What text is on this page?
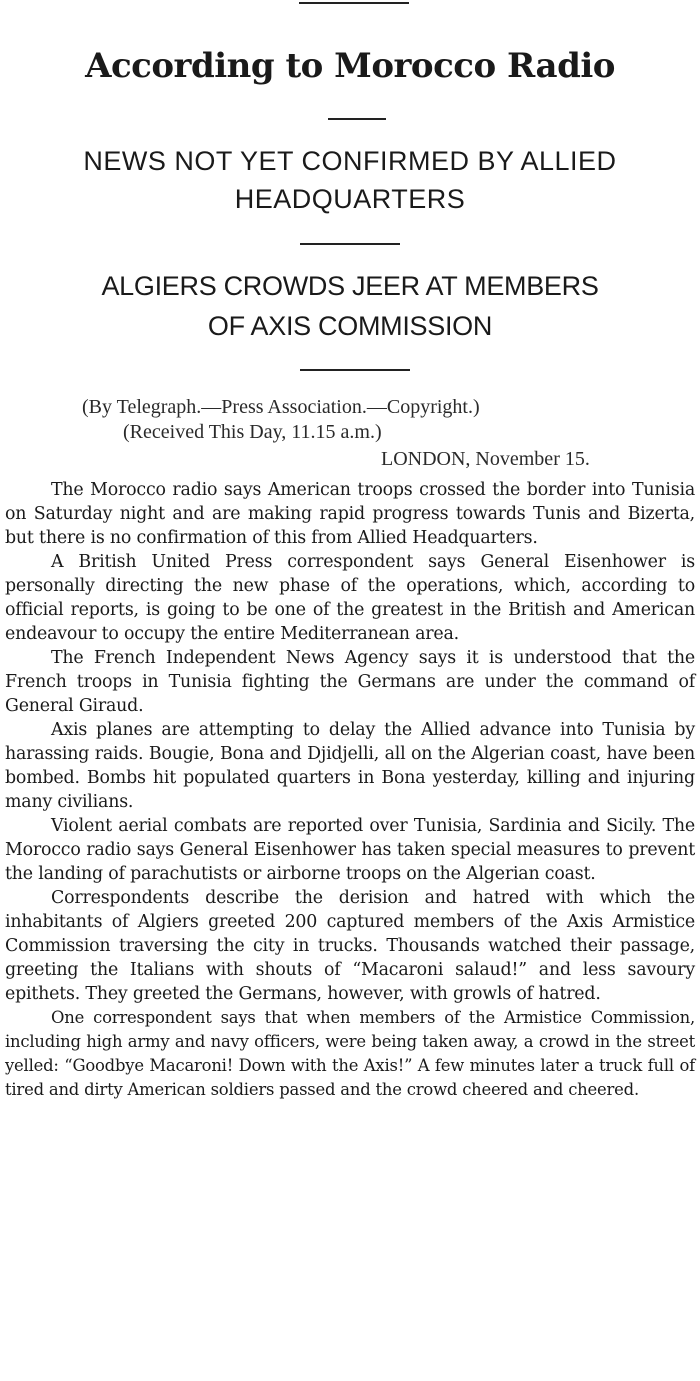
According to Morocco Radio
NEWS NOT YET CONFIRMED BY ALLIED
HEADQUARTERS
ALGIERS CROWDS JEER AT MEMBERS
OF AXIS COMMISSION
(By Telegraph.—Press Association.—Copyright.)
(Received This Day, 11.15 a.m.)
LONDON, November 15.

The Morocco radio says American troops crossed the border into Tunisia on Saturday night and are making rapid progress towards Tunis and Bizerta, but there is no confirmation of this from Allied Headquarters.

A British United Press correspondent says General Eisenhower is personally directing the new phase of the operations, which, according to official reports, is going to be one of the greatest in the British and American endeavour to occupy the entire Mediterranean area.

The French Independent News Agency says it is understood that the French troops in Tunisia fighting the Germans are under the command of General Giraud.

Axis planes are attempting to delay the Allied advance into Tunisia by harassing raids. Bougie, Bona and Djidjelli, all on the Algerian coast, have been bombed. Bombs hit populated quarters in Bona yesterday, killing and injuring many civilians.

Violent aerial combats are reported over Tunisia, Sardinia and Sicily. The Morocco radio says General Eisenhower has taken special measures to prevent the landing of parachutists or airborne troops on the Algerian coast.

Correspondents describe the derision and hatred with which the inhabitants of Algiers greeted 200 captured members of the Axis Armistice Commission traversing the city in trucks. Thousands watched their passage, greeting the Italians with shouts of “Macaroni salaud!” and less savoury epithets. They greeted the Germans, however, with growls of hatred.

One correspondent says that when members of the Armistice Commission, including high army and navy officers, were being taken away, a crowd in the street yelled: “Goodbye Macaroni! Down with the Axis!” A few minutes later a truck full of tired and dirty American soldiers passed and the crowd cheered and cheered.
